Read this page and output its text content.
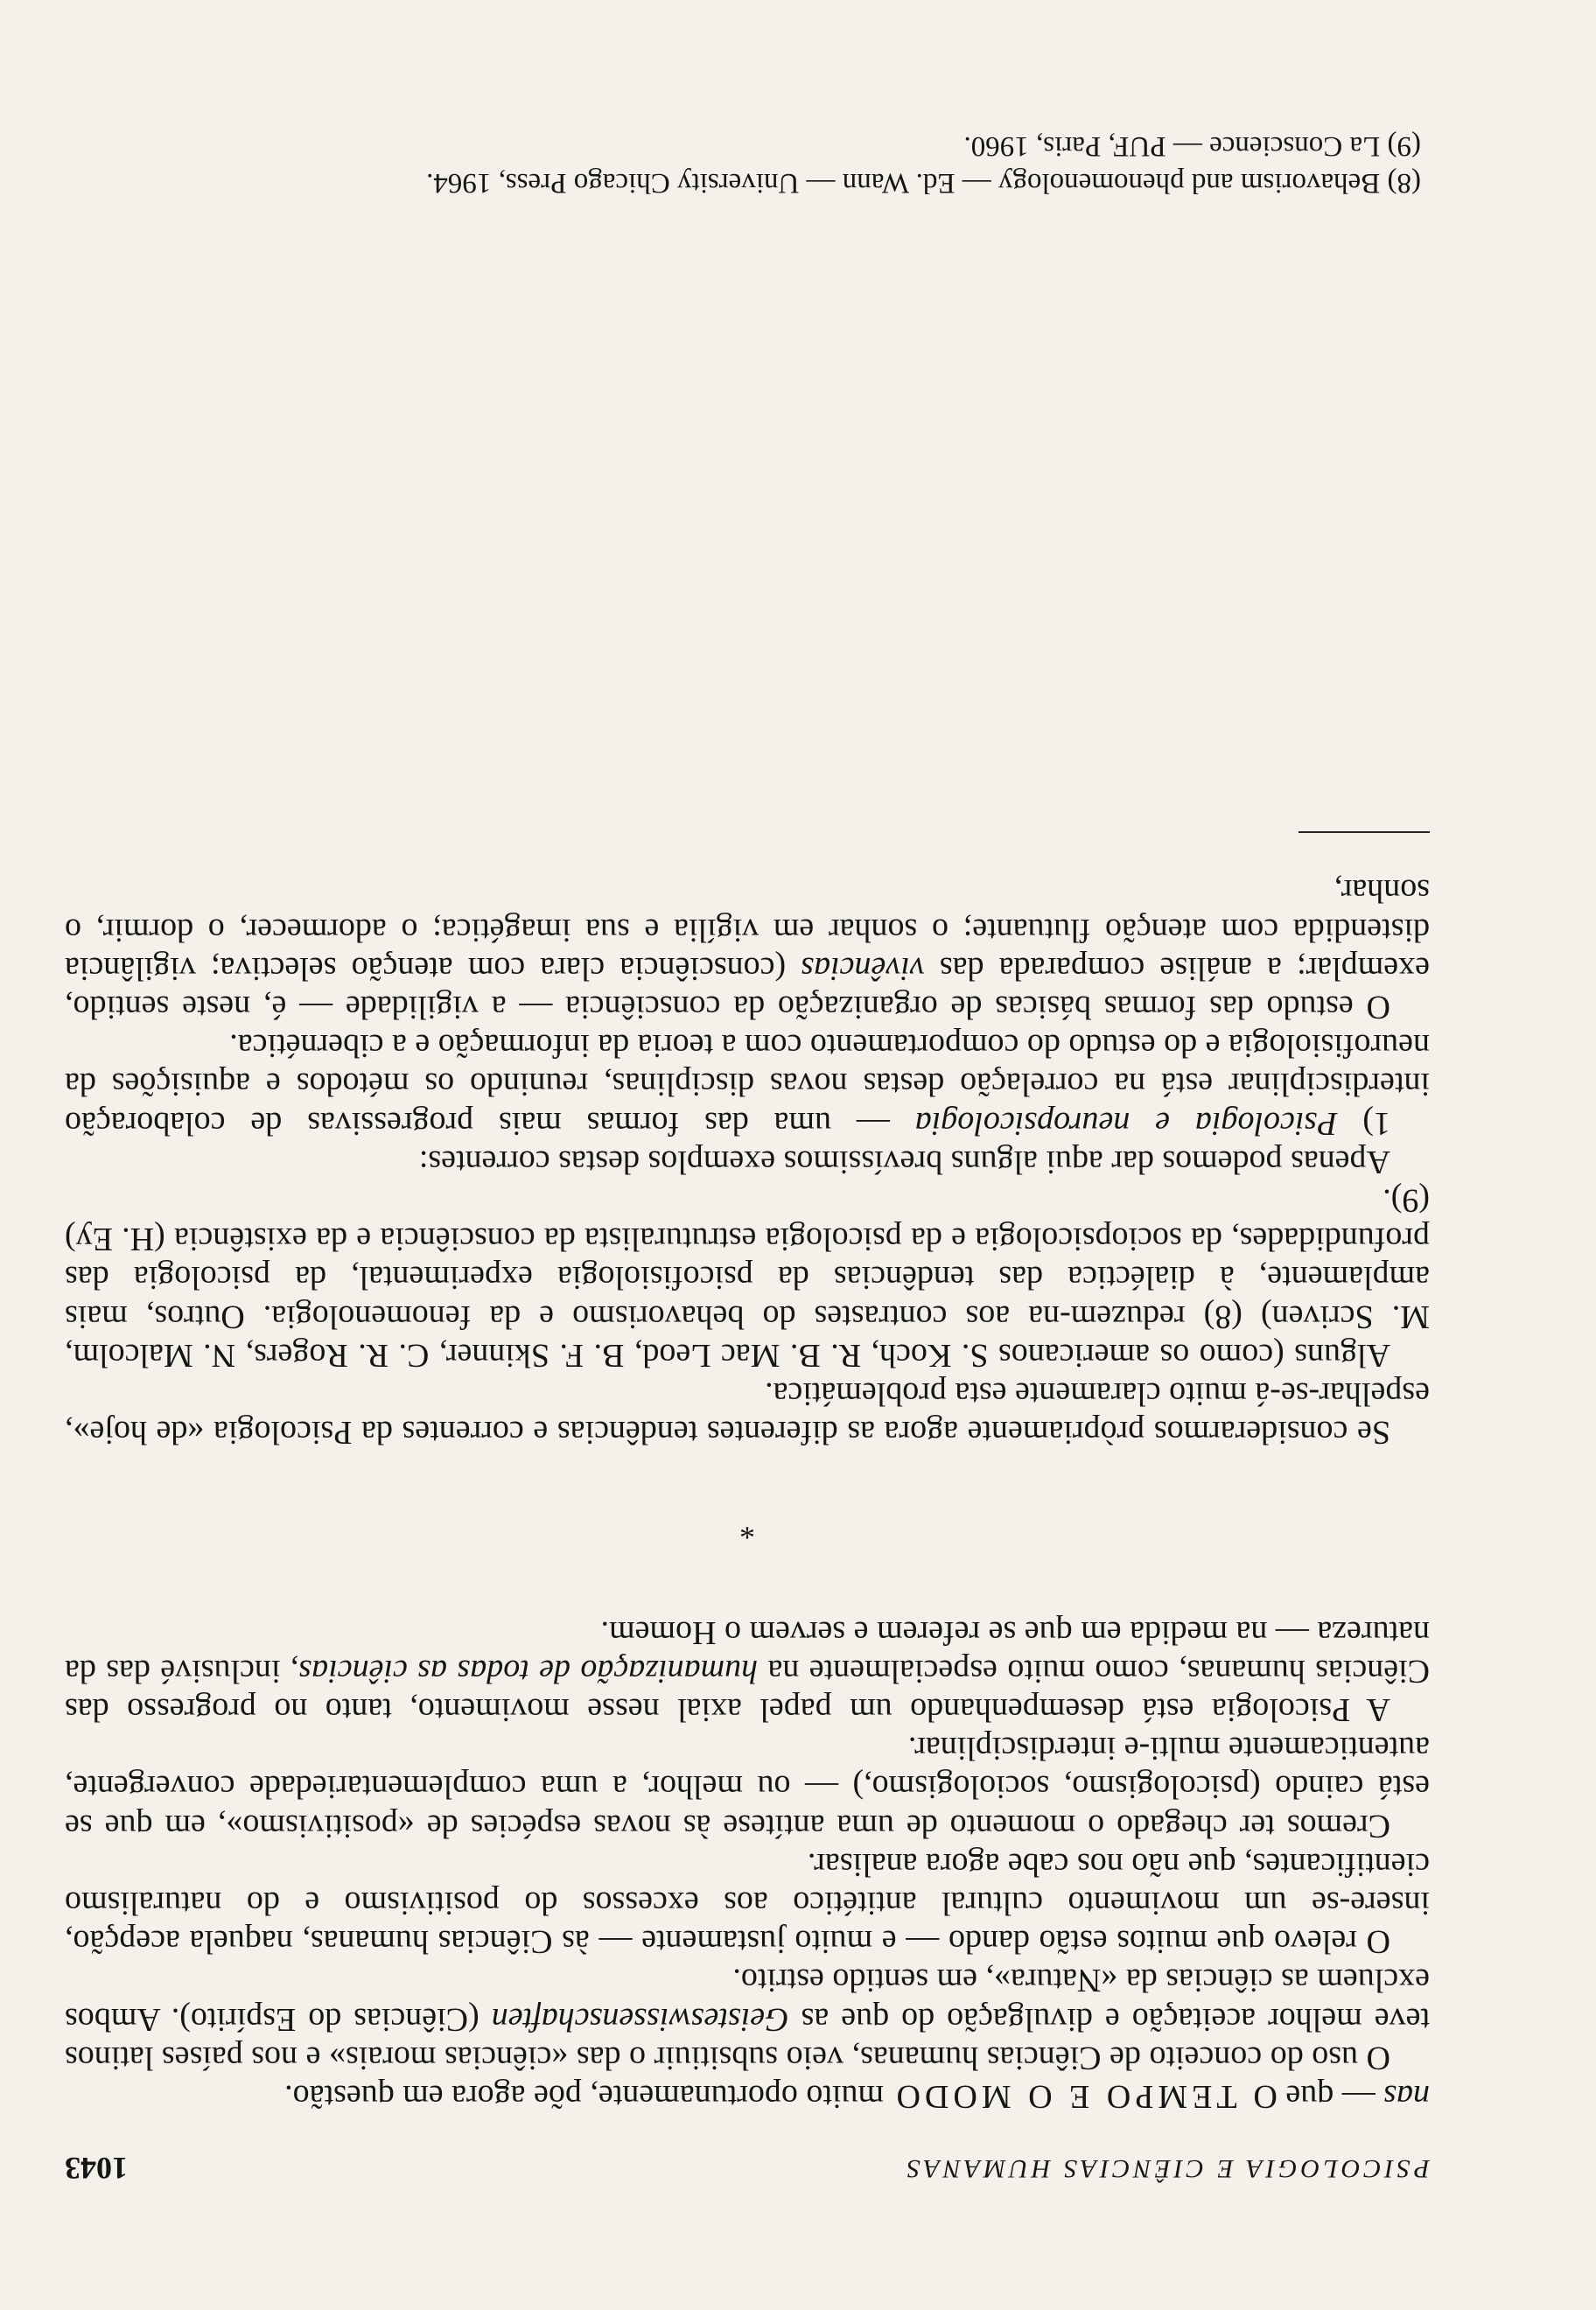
PSICOLOGIA E CIÊNCIAS HUMANAS
1043

nas — que O TEMPO E O MODO muito oportunamente, põe agora em questão.

O uso do conceito de Ciências humanas, veio subsitiuir o das «ciências morais» e nos países latinos teve melhor aceitação e divulgação do que as Geisteswissenschaften (Ciências do Espírito). Ambos excluem as ciências da «Natura», em sentido estrito.

O relevo que muitos estão dando — e muito justamente — às Ciências humanas, naquela acepção, insere-se um movimento cultural antitético aos excessos do positivismo e do naturalismo cientificantes, que não nos cabe agora analisar.

Cremos ter chegado o momento de uma antítese às novas espécies de «positivismo», em que se está caindo (psicologismo, sociologismo,) — ou melhor, a uma complementariedade convergente, autenticamente multi-e interdisciplinar.

A Psicologia está desempenhando um papel axial nesse movimento, tanto no progresso das Ciências humanas, como muito especialmente na humanização de todas as ciências, inclusivé das da natureza — na medida em que se referem e servem o Homem.

*

Se considerarmos pròpriamente agora as diferentes tendências e correntes da Psicologia «de hoje», espelhar-se-á muito claramente esta problemática.

Alguns (como os americanos S. Koch, R. B. Mac Leod, B. F. Skinner, C. R. Rogers, N. Malcolm, M. Scriven) (8) reduzem-na aos contrastes do behavorismo e da fenomenologia. Outros, mais amplamente, à dialéctica das tendências da psicofisiologia experimental, da psicologia das profundidades, da sociopsicologia e da psicologia estruturalista da consciência e da existência (H. Ey) (9).

Apenas podemos dar aqui alguns brevíssimos exemplos destas correntes:

1) Psicologia e neuropsicologia — uma das formas mais progressivas de colaboração interdisciplinar está na correlação destas novas disciplinas, reunindo os métodos e aquisições da neurofisiologia e do estudo do comportamento com a teoria da informação e a cibernética.

O estudo das formas básicas de organização da consciência — a vigilidade — é, neste sentido, exemplar; a análise comparada das vivências (consciência clara com atenção selectiva; vigilância distendida com atenção flutuante; o sonhar em vigília e sua imagética; o adormecer, o dormir, o sonhar,

(8) Behavorism and phenomenology — Ed. Wann — University Chicago Press, 1964.

(9) La Conscience — PUF, Paris, 1960.
